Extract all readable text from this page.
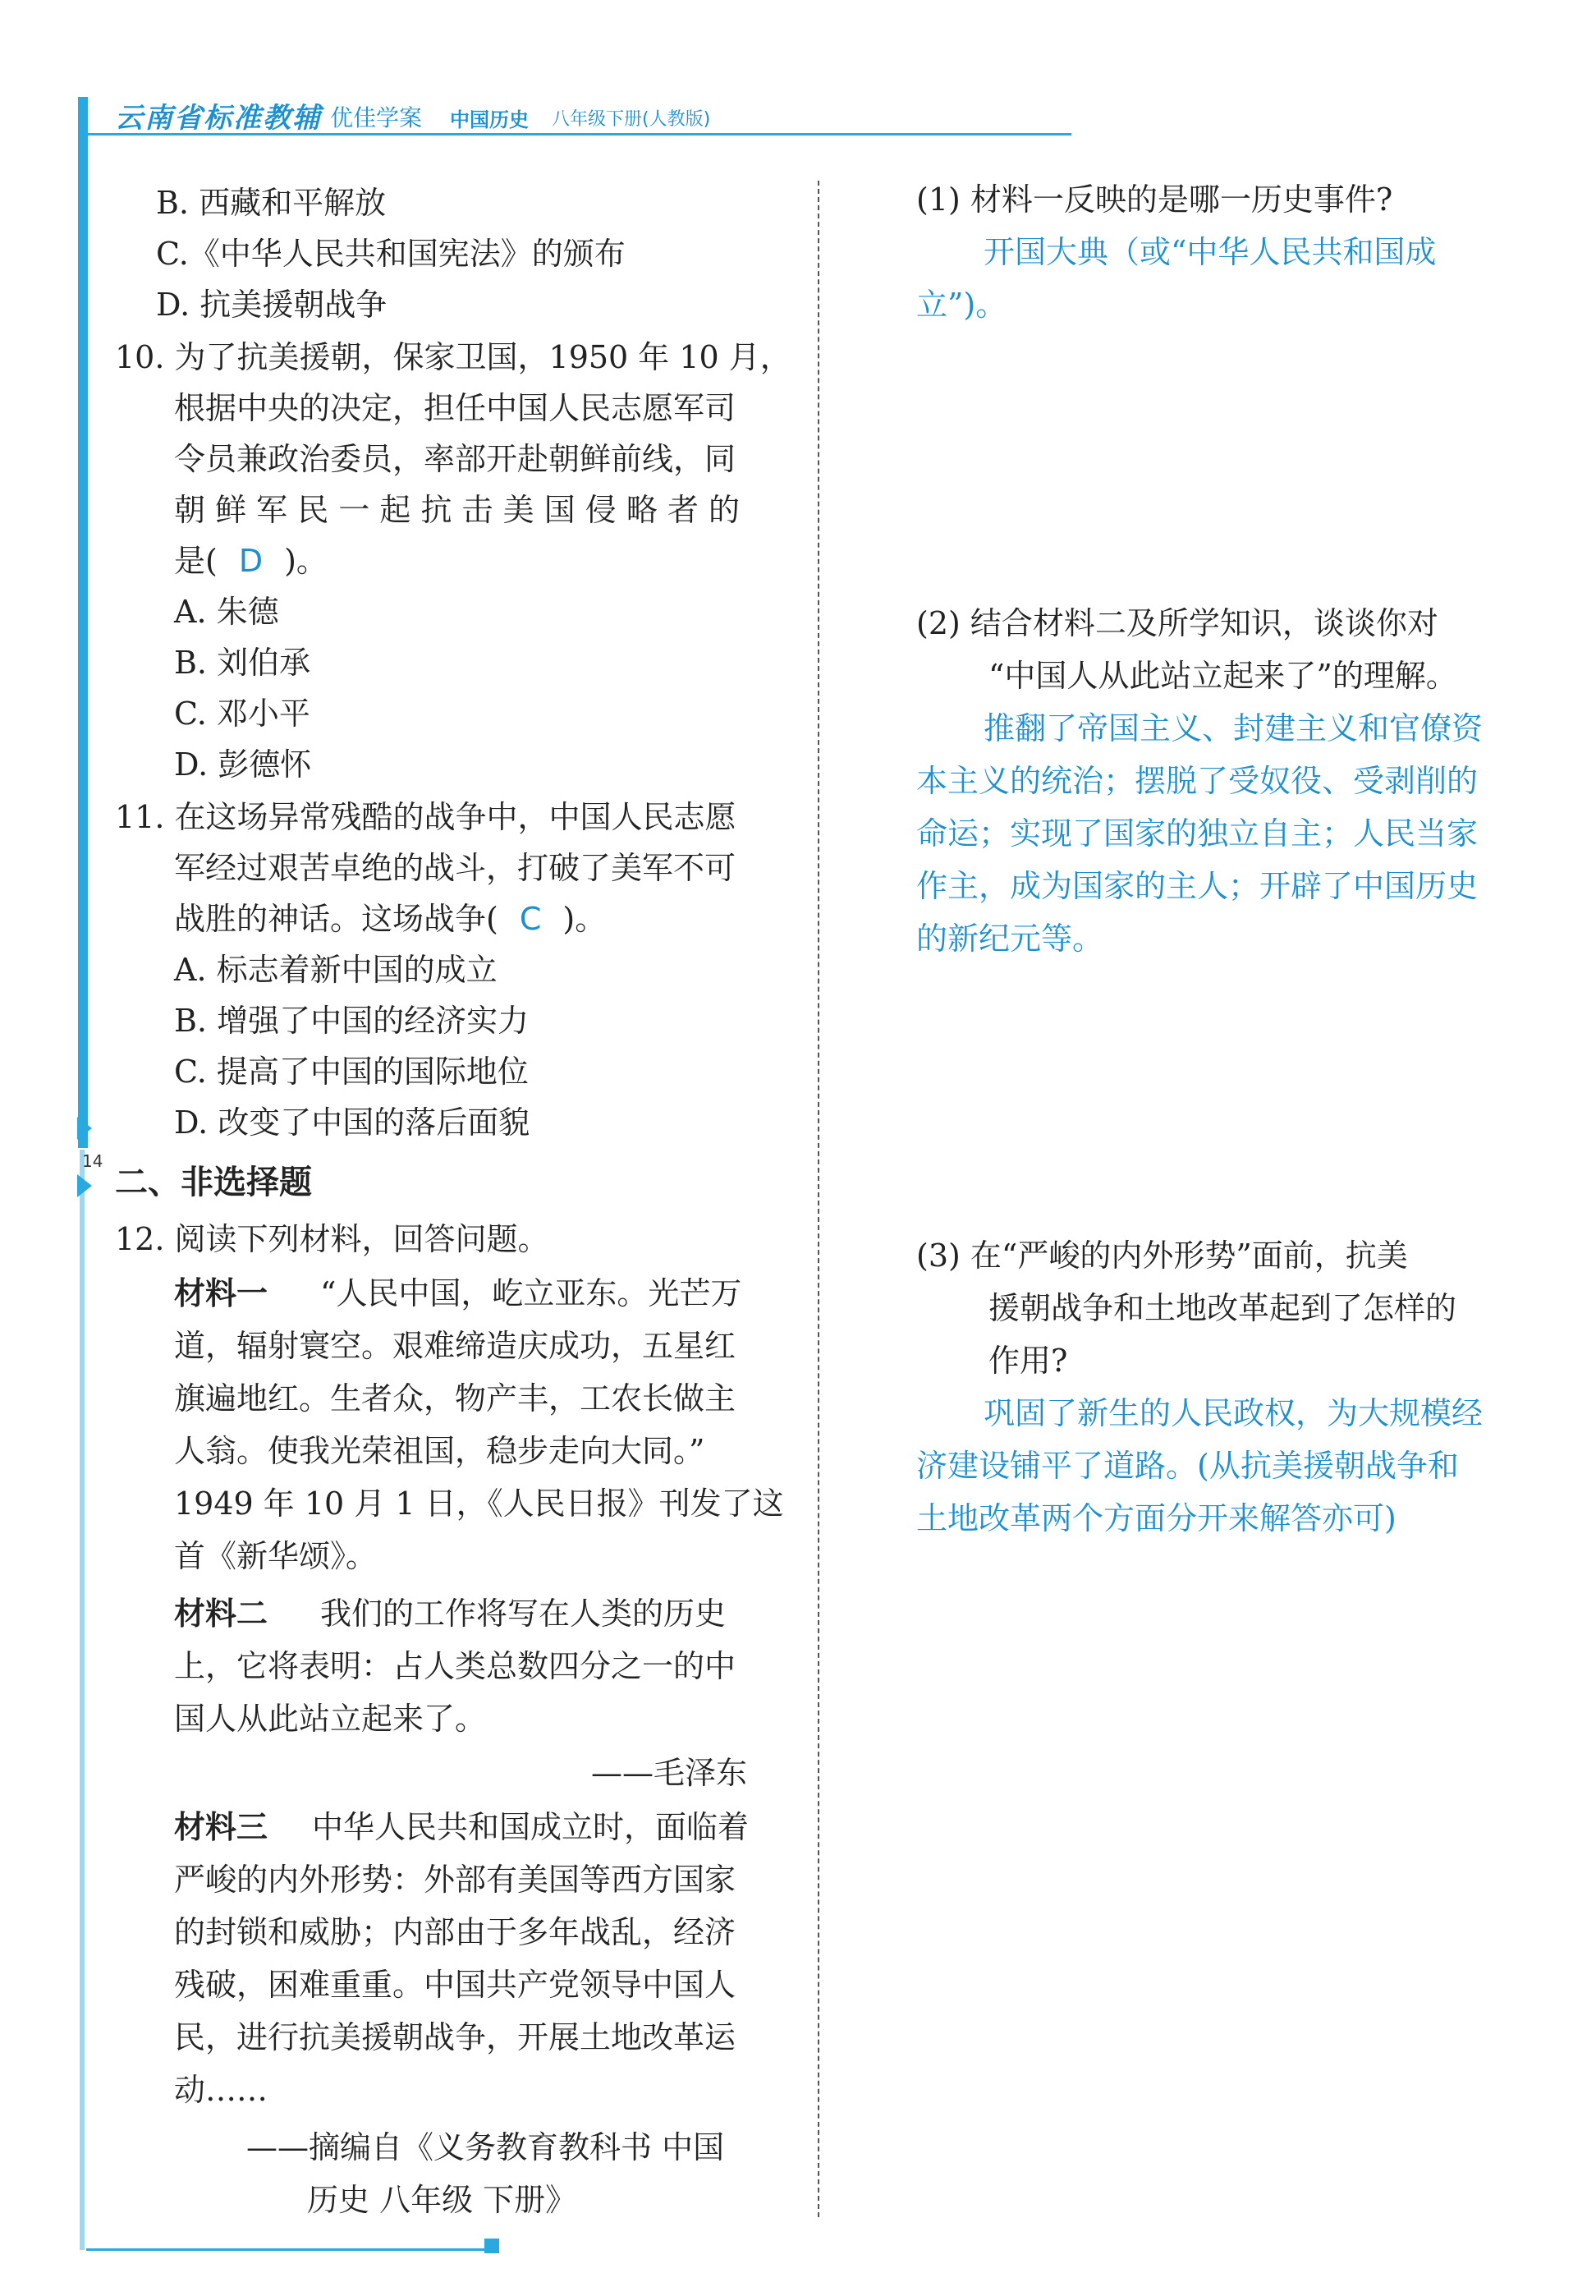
云南省标准教辅 优佳学案 中国历史 八年级下册(人教版)
14
B. 西藏和平解放
C.《中华人民共和国宪法》的颁布
D. 抗美援朝战争
10. 为了抗美援朝，保家卫国，1950 年 10 月，
根据中央的决定，担任中国人民志愿军司
令员兼政治委员，率部开赴朝鲜前线，同
朝 鲜 军 民 一 起 抗 击 美 国 侵 略 者 的
是( D )。
A. 朱德
B. 刘伯承
C. 邓小平
D. 彭德怀
11. 在这场异常残酷的战争中，中国人民志愿
军经过艰苦卓绝的战斗，打破了美军不可
战胜的神话。这场战争( C )。
A. 标志着新中国的成立
B. 增强了中国的经济实力
C. 提高了中国的国际地位
D. 改变了中国的落后面貌
二、非选择题
12. 阅读下列材料，回答问题。
材料一 “人民中国，屹立亚东。光芒万
道，辐射寰空。艰难缔造庆成功，五星红
旗遍地红。生者众，物产丰，工农长做主
人翁。使我光荣祖国，稳步走向大同。”
1949 年 10 月 1 日，《人民日报》刊发了这
首《新华颂》。
材料二 我们的工作将写在人类的历史
上，它将表明：占人类总数四分之一的中
国人从此站立起来了。
——毛泽东
材料三 中华人民共和国成立时，面临着
严峻的内外形势：外部有美国等西方国家
的封锁和威胁；内部由于多年战乱，经济
残破，困难重重。中国共产党领导中国人
民，进行抗美援朝战争，开展土地改革运
动……
——摘编自《义务教育教科书 中国
历史 八年级 下册》
(1) 材料一反映的是哪一历史事件?
开国大典（或“中华人民共和国成
立”)。
(2) 结合材料二及所学知识，谈谈你对
“中国人从此站立起来了”的理解。
推翻了帝国主义、封建主义和官僚资
本主义的统治；摆脱了受奴役、受剥削的
命运；实现了国家的独立自主；人民当家
作主，成为国家的主人；开辟了中国历史
的新纪元等。
(3) 在“严峻的内外形势”面前，抗美
援朝战争和土地改革起到了怎样的
作用?
巩固了新生的人民政权，为大规模经
济建设铺平了道路。(从抗美援朝战争和
土地改革两个方面分开来解答亦可)
